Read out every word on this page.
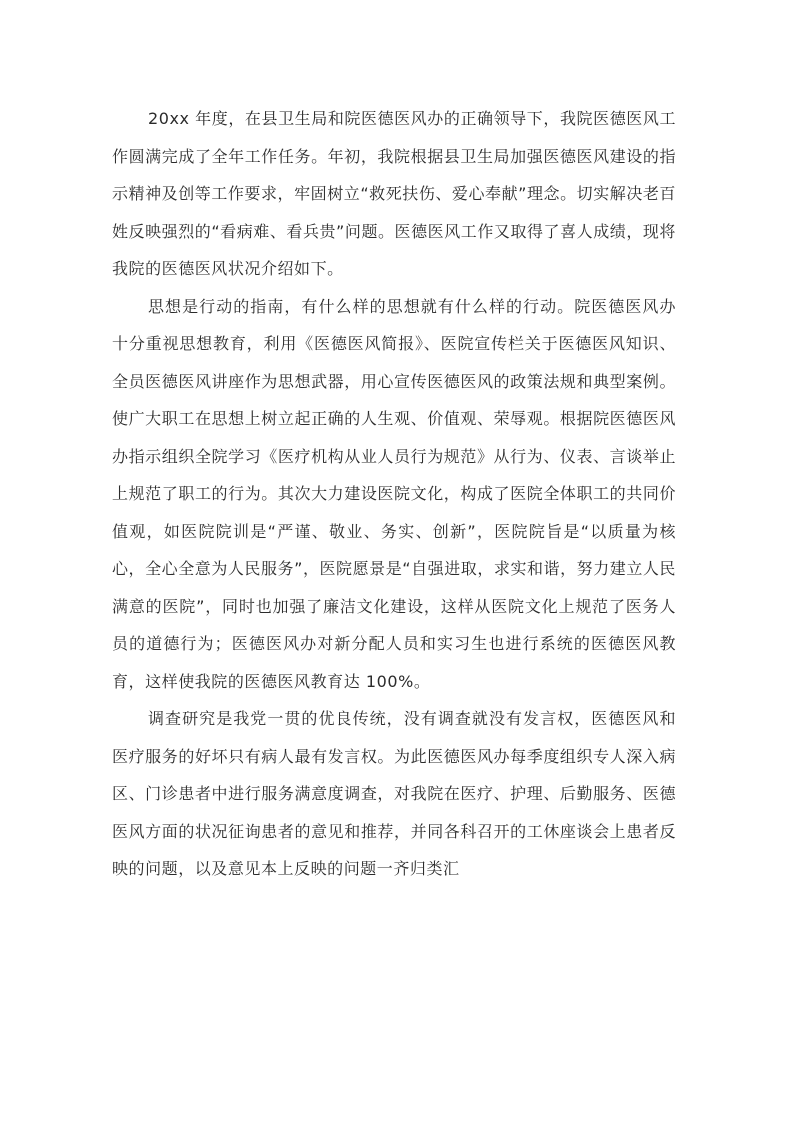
20xx 年度，在县卫生局和院医德医风办的正确领导下，我院医德医风工作圆满完成了全年工作任务。年初，我院根据县卫生局加强医德医风建设的指示精神及创等工作要求，牢固树立“救死扶伤、爱心奉献”理念。切实解决老百姓反映强烈的“看病难、看兵贵”问题。医德医风工作又取得了喜人成绩，现将我院的医德医风状况介绍如下。

思想是行动的指南，有什么样的思想就有什么样的行动。院医德医风办十分重视思想教育，利用《医德医风简报》、医院宣传栏关于医德医风知识、全员医德医风讲座作为思想武器，用心宣传医德医风的政策法规和典型案例。使广大职工在思想上树立起正确的人生观、价值观、荣辱观。根据院医德医风办指示组织全院学习《医疗机构从业人员行为规范》从行为、仪表、言谈举止上规范了职工的行为。其次大力建设医院文化，构成了医院全体职工的共同价值观，如医院院训是“严谨、敬业、务实、创新”，医院院旨是“以质量为核心，全心全意为人民服务”，医院愿景是“自强进取，求实和谐，努力建立人民满意的医院”，同时也加强了廉洁文化建设，这样从医院文化上规范了医务人员的道德行为；医德医风办对新分配人员和实习生也进行系统的医德医风教育，这样使我院的医德医风教育达 100%。

调查研究是我党一贯的优良传统，没有调查就没有发言权，医德医风和医疗服务的好坏只有病人最有发言权。为此医德医风办每季度组织专人深入病区、门诊患者中进行服务满意度调查，对我院在医疗、护理、后勤服务、医德医风方面的状况征询患者的意见和推荐，并同各科召开的工休座谈会上患者反映的问题，以及意见本上反映的问题一齐归类汇
